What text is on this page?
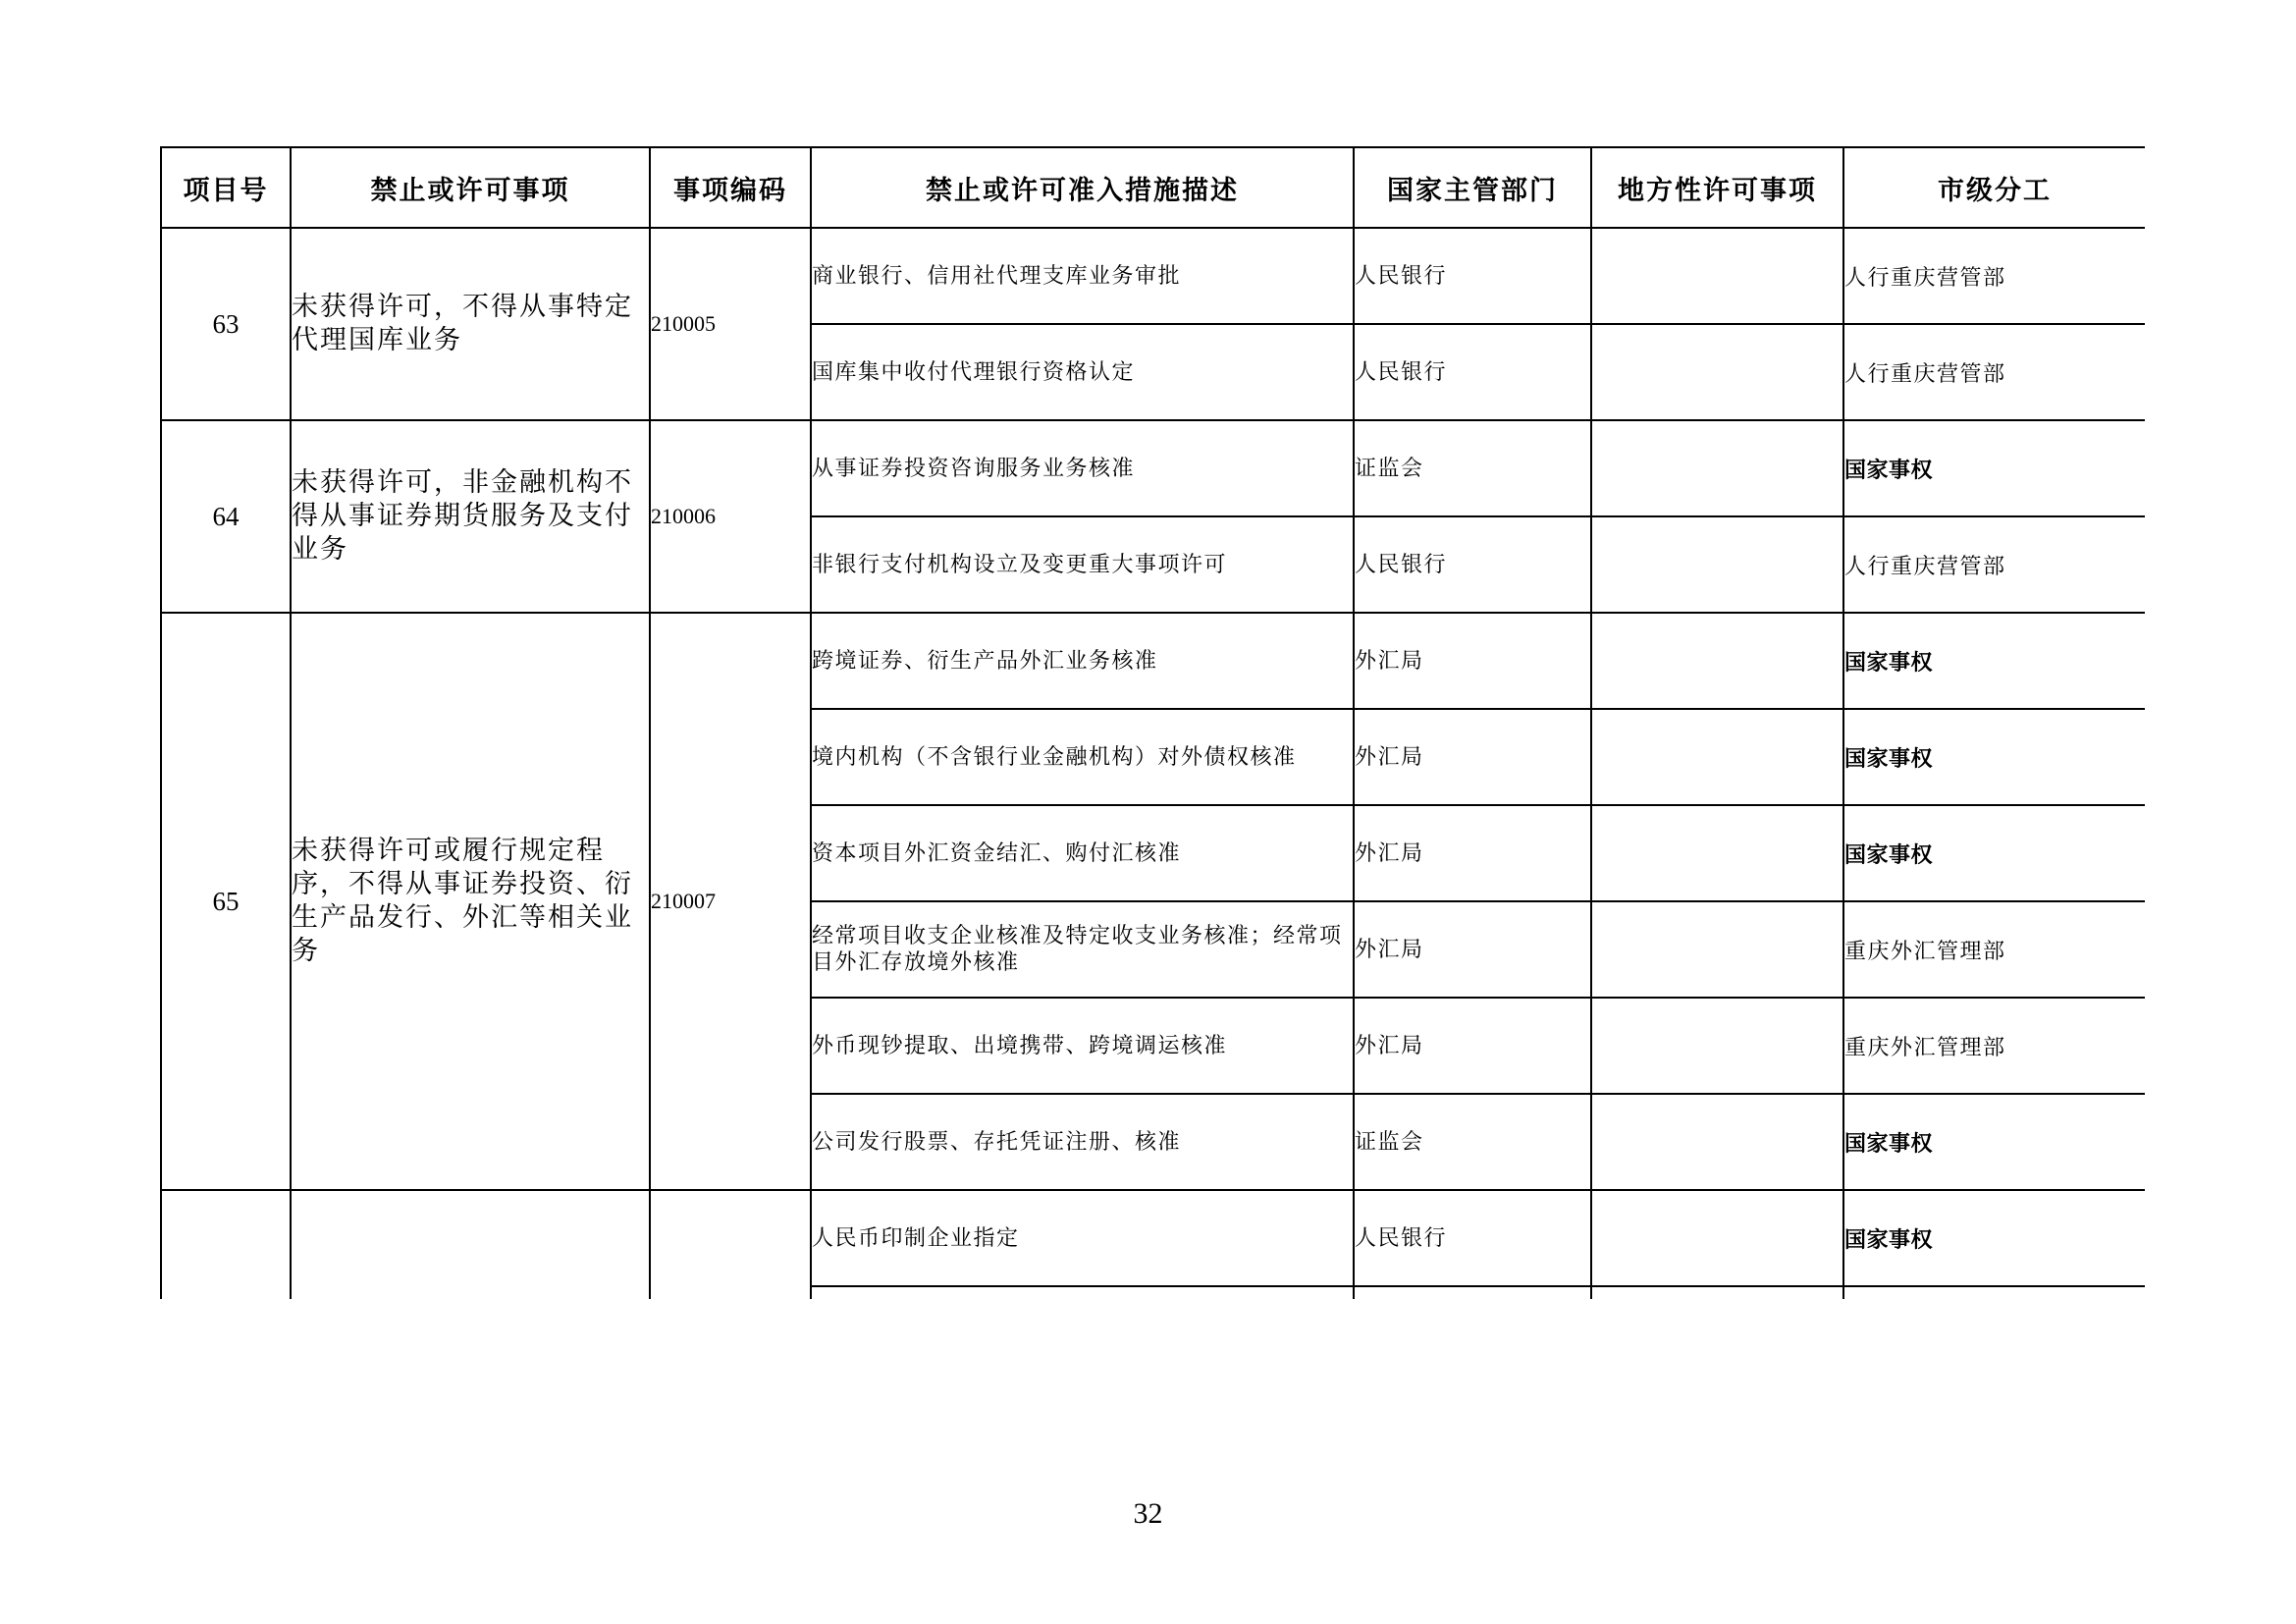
项目号	禁止或许可事项	事项编码	禁止或许可准入措施描述	国家主管部门	地方性许可事项	市级分工
63	未获得许可，不得从事特定代理国库业务	210005	商业银行、信用社代理支库业务审批	人民银行		人行重庆营管部
			国库集中收付代理银行资格认定	人民银行		人行重庆营管部
64	未获得许可，非金融机构不得从事证券期货服务及支付业务	210006	从事证券投资咨询服务业务核准	证监会		国家事权
			非银行支付机构设立及变更重大事项许可	人民银行		人行重庆营管部
65	未获得许可或履行规定程序，不得从事证券投资、衍生产品发行、外汇等相关业务	210007	跨境证券、衍生产品外汇业务核准	外汇局		国家事权
			境内机构（不含银行业金融机构）对外债权核准	外汇局		国家事权
			资本项目外汇资金结汇、购付汇核准	外汇局		国家事权
			经常项目收支企业核准及特定收支业务核准；经常项目外汇存放境外核准	外汇局		重庆外汇管理部
			外币现钞提取、出境携带、跨境调运核准	外汇局		重庆外汇管理部
			公司发行股票、存托凭证注册、核准	证监会		国家事权
			人民币印制企业指定	人民银行		国家事权

32
